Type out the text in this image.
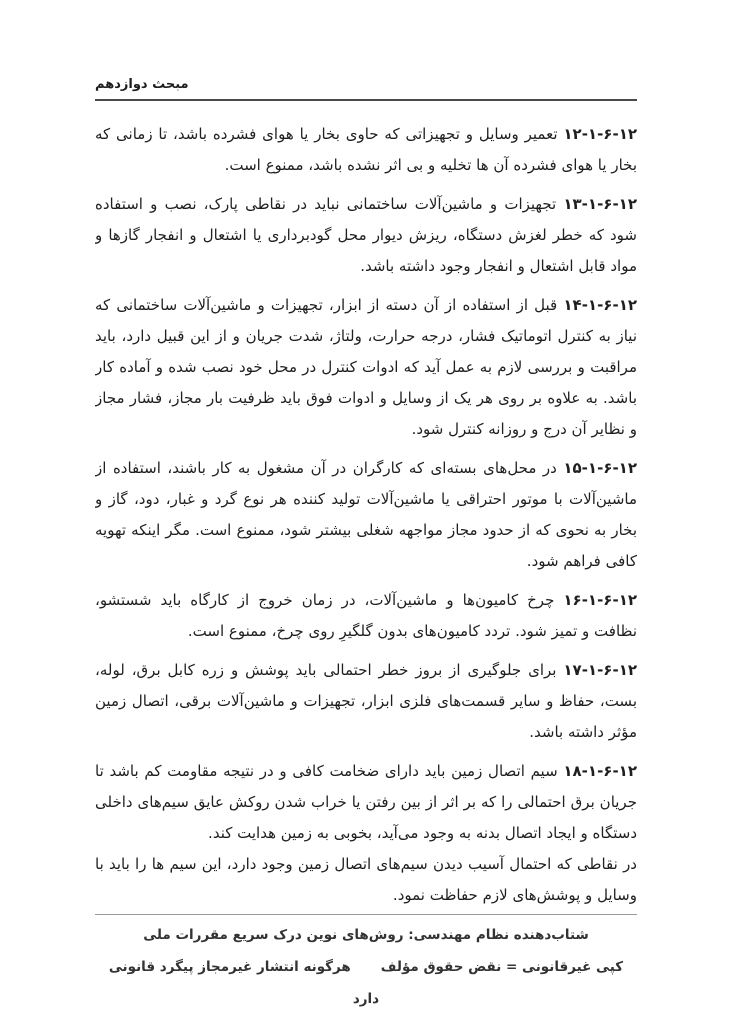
مبحث دوازدهم

۱۲-۱-۶-۱۲ تعمیر وسایل و تجهیزاتی که حاوی بخار یا هوای فشرده باشد، تا زمانی که بخار یا هوای فشرده آن ها تخلیه و بی اثر نشده باشد، ممنوع است.

۱۳-۱-۶-۱۲ تجهیزات و ماشین‌آلات ساختمانی نباید در نقاطی پارک، نصب و استفاده شود که خطر لغزش دستگاه، ریزش دیوار محل گودبرداری یا اشتعال و انفجار گازها و مواد قابل اشتعال و انفجار وجود داشته باشد.

۱۴-۱-۶-۱۲ قبل از استفاده از آن دسته از ابزار، تجهیزات و ماشین‌آلات ساختمانی که نیاز به کنترل اتوماتیک فشار، درجه حرارت، ولتاژ، شدت جریان و از این قبیل دارد، باید مراقبت و بررسی لازم به عمل آید که ادوات کنترل در محل خود نصب شده و آماده کار باشد. به علاوه بر روی هر یک از وسایل و ادوات فوق باید ظرفیت بار مجاز، فشار مجاز و نظایر آن درج و روزانه کنترل شود.

۱۵-۱-۶-۱۲ در محل‌های بسته‌ای که کارگران در آن مشغول به کار باشند، استفاده از ماشین‌آلات با موتور احتراقی یا ماشین‌آلات تولید کننده هر نوع گرد و غبار، دود، گاز و بخار به نحوی که از حدود مجاز مواجهه شغلی بیشتر شود، ممنوع است. مگر اینکه تهویه کافی فراهم شود.

۱۶-۱-۶-۱۲ چرخ کامیون‌ها و ماشین‌آلات، در زمان خروج از کارگاه باید شستشو، نظافت و تمیز شود. تردد کامیون‌های بدون گلگیرِ روی چرخ، ممنوع است.

۱۷-۱-۶-۱۲ برای جلوگیری از بروز خطر احتمالی باید پوشش و زره کابل برق، لوله، بست، حفاظ و سایر قسمت‌های فلزی ابزار، تجهیزات و ماشین‌آلات برقی، اتصال زمین مؤثر داشته باشد.

۱۸-۱-۶-۱۲ سیم اتصال زمین باید دارای ضخامت کافی و در نتیجه مقاومت کم باشد تا جریان برق احتمالی را که بر اثر از بین رفتن یا خراب شدن روکش عایق سیم‌های داخلی دستگاه و ایجاد اتصال بدنه به وجود می‌آید، بخوبی به زمین هدایت کند.

در نقاطی که احتمال آسیب دیدن سیم‌های اتصال زمین وجود دارد، این سیم ها را باید با وسایل و پوشش‌های لازم حفاظت نمود.

شتاب‌دهنده نظام مهندسی: روش‌های نوین درک سریع مقررات ملی
کپی غیرقانونی = نقض حقوق مؤلفهرگونه انتشار غیرمجاز پیگرد قانونی دارد
